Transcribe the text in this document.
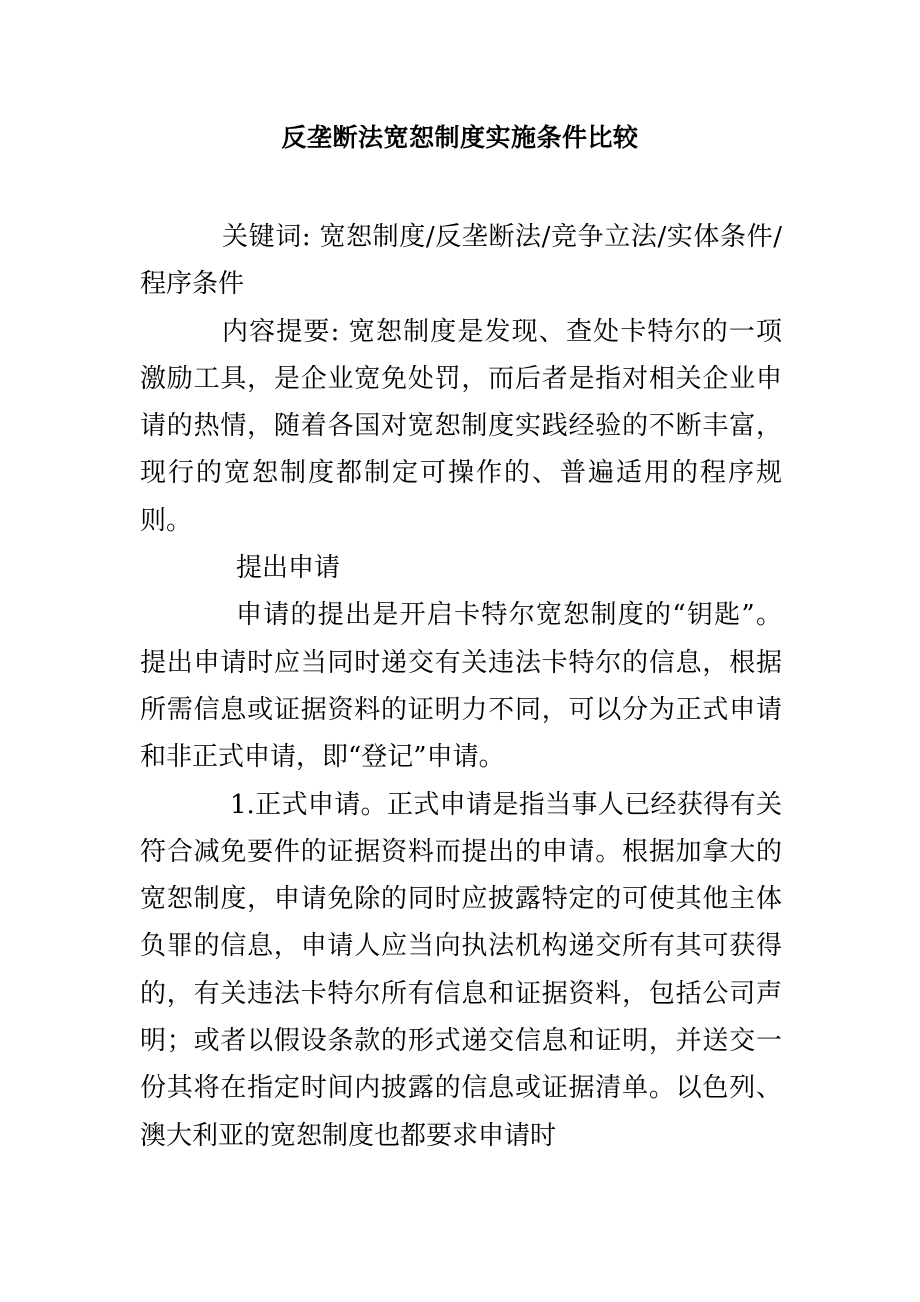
反垄断法宽恕制度实施条件比较

关键词: 宽恕制度/反垄断法/竞争立法/实体条件/程序条件

内容提要: 宽恕制度是发现、查处卡特尔的一项激励工具，是企业宽免处罚，而后者是指对相关企业申请的热情，随着各国对宽恕制度实践经验的不断丰富，现行的宽恕制度都制定可操作的、普遍适用的程序规则。

提出申请

申请的提出是开启卡特尔宽恕制度的“钥匙”。提出申请时应当同时递交有关违法卡特尔的信息，根据所需信息或证据资料的证明力不同，可以分为正式申请和非正式申请，即“登记”申请。

1.正式申请。正式申请是指当事人已经获得有关符合减免要件的证据资料而提出的申请。根据加拿大的宽恕制度，申请免除的同时应披露特定的可使其他主体负罪的信息，申请人应当向执法机构递交所有其可获得的，有关违法卡特尔所有信息和证据资料，包括公司声明；或者以假设条款的形式递交信息和证明，并送交一份其将在指定时间内披露的信息或证据清单。以色列、澳大利亚的宽恕制度也都要求申请时
